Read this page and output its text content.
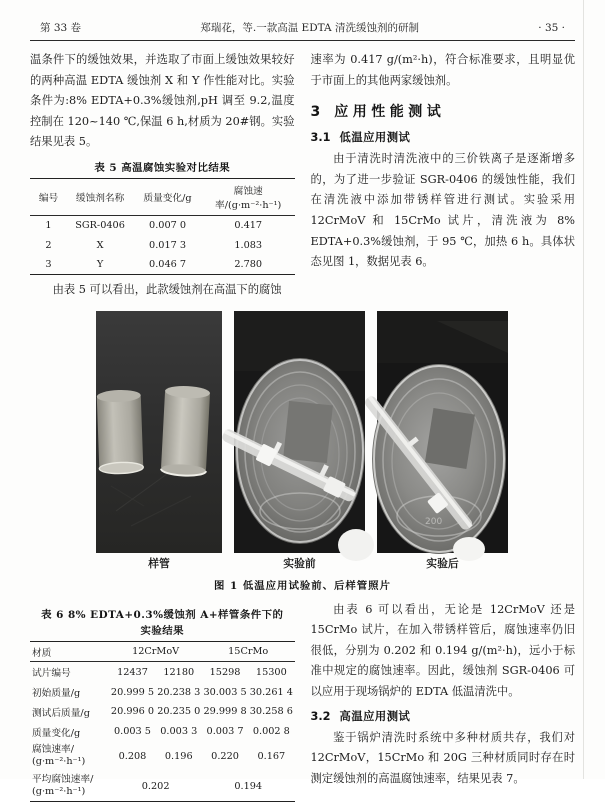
第 33 卷	郑瑞花，等.一款高温 EDTA 清洗缓蚀剂的研制	· 35 ·

温条件下的缓蚀效果，并选取了市面上缓蚀效果较好的两种高温 EDTA 缓蚀剂 X 和 Y 作性能对比。实验条件为:8% EDTA+0.3%缓蚀剂,pH 调至 9.2,温度控制在 120~140 ℃,保温 6 h,材质为 20#钢。实验结果见表 5。

表 5 高温腐蚀实验对比结果
编号	缓蚀剂名称	质量变化/g	腐蚀速率/(g·m⁻²·h⁻¹)
1	SGR-0406	0.007 0	0.417
2	X	0.017 3	1.083
3	Y	0.046 7	2.780

由表 5 可以看出，此款缓蚀剂在高温下的腐蚀

速率为 0.417 g/(m²·h)，符合标准要求，且明显优于市面上的其他两家缓蚀剂。

3 应用性能测试
3.1 低温应用测试

由于清洗时清洗液中的三价铁离子是逐渐增多的，为了进一步验证 SGR-0406 的缓蚀性能，我们在清洗液中添加带锈样管进行测试。实验采用 12CrMoV 和 15CrMo 试片，清洗液为 8% EDTA+0.3%缓蚀剂，于 95 ℃，加热 6 h。具体状态见图 1，数据见表 6。

200
样管	实验前	实验后
图 1 低温应用试验前、后样管照片
表 6 8% EDTA+0.3%缓蚀剂 A+样管条件下的
实验结果
材质	12CrMoV		15CrMo	
试片编号	12437	12180	15298	15300
初始质量/g	20.999 5	20.238 3	30.003 5	30.261 4
测试后质量/g	20.996 0	20.235 0	29.999 8	30.258 6
质量变化/g	0.003 5	0.003 3	0.003 7	0.002 8

腐蚀速率/
(g·m⁻²·h⁻¹)	0.208	0.196	0.220	0.167

平均腐蚀速率/
(g·m⁻²·h⁻¹)	0.202		0.194	

由表 6 可以看出，无论是 12CrMoV 还是 15CrMo 试片，在加入带锈样管后，腐蚀速率仍旧很低，分别为 0.202 和 0.194 g/(m²·h)，远小于标准中规定的腐蚀速率。因此，缓蚀剂 SGR-0406 可以应用于现场锅炉的 EDTA 低温清洗中。

3.2 高温应用测试

鉴于锅炉清洗时系统中多种材质共存，我们对 12CrMoV，15CrMo 和 20G 三种材质同时存在时测定缓蚀剂的高温腐蚀速率，结果见表 7。
